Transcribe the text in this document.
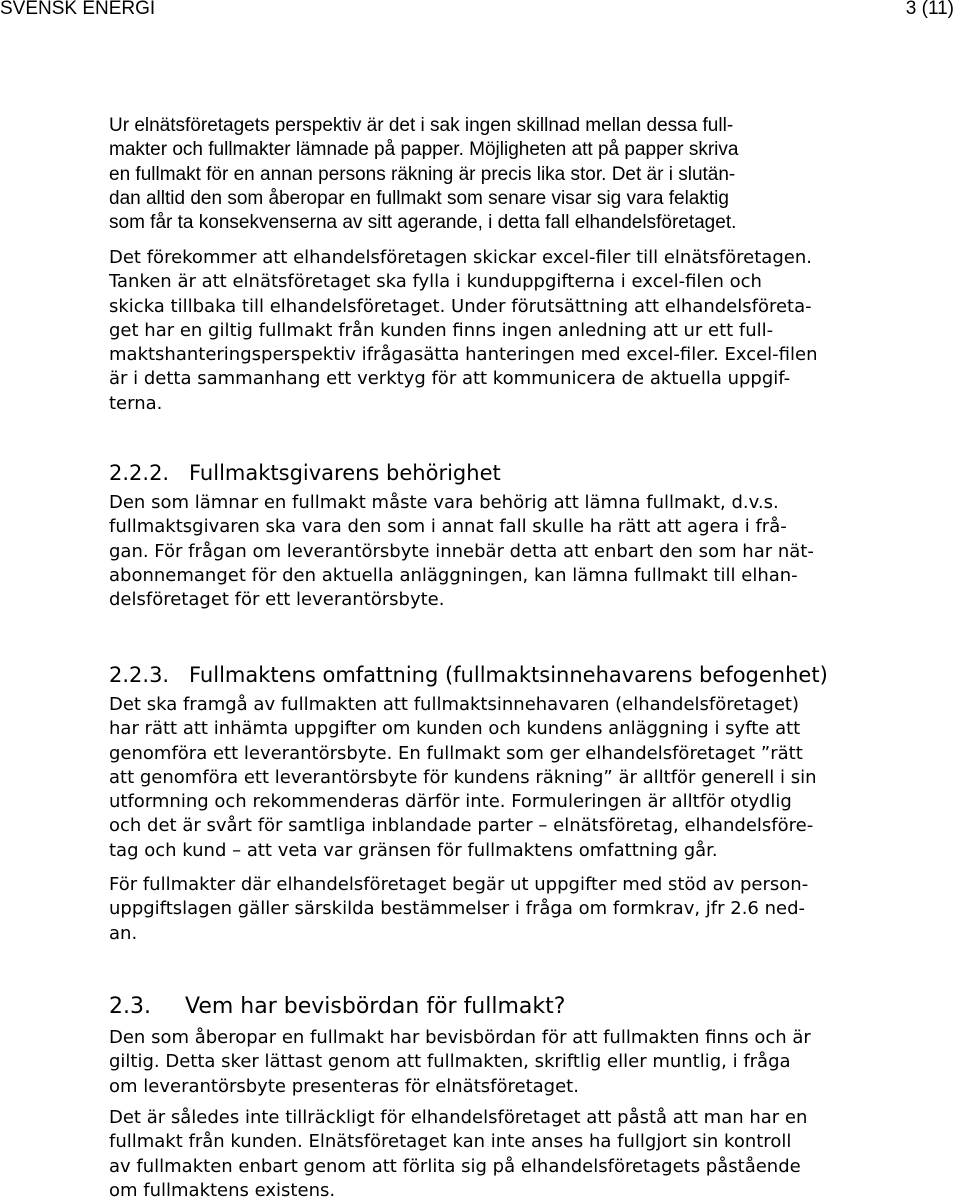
SVENSK ENERGI	3 (11)
Ur elnätsföretagets perspektiv är det i sak ingen skillnad mellan dessa full-
makter och fullmakter lämnade på papper. Möjligheten att på papper skriva
en fullmakt för en annan persons räkning är precis lika stor. Det är i slutän-
dan alltid den som åberopar en fullmakt som senare visar sig vara felaktig
som får ta konsekvenserna av sitt agerande, i detta fall elhandelsföretaget.
Det förekommer att elhandelsföretagen skickar excel-filer till elnätsföretagen.
Tanken är att elnätsföretaget ska fylla i kunduppgifterna i excel-filen och
skicka tillbaka till elhandelsföretaget. Under förutsättning att elhandelsföreta-
get har en giltig fullmakt från kunden finns ingen anledning att ur ett full-
maktshanteringsperspektiv ifrågasätta hanteringen med excel-filer. Excel-filen
är i detta sammanhang ett verktyg för att kommunicera de aktuella uppgif-
terna.
2.2.2. Fullmaktsgivarens behörighet
Den som lämnar en fullmakt måste vara behörig att lämna fullmakt, d.v.s.
fullmaktsgivaren ska vara den som i annat fall skulle ha rätt att agera i frå-
gan. För frågan om leverantörsbyte innebär detta att enbart den som har nät-
abonnemanget för den aktuella anläggningen, kan lämna fullmakt till elhan-
delsföretaget för ett leverantörsbyte.
2.2.3. Fullmaktens omfattning (fullmaktsinnehavarens befogenhet)
Det ska framgå av fullmakten att fullmaktsinnehavaren (elhandelsföretaget)
har rätt att inhämta uppgifter om kunden och kundens anläggning i syfte att
genomföra ett leverantörsbyte. En fullmakt som ger elhandelsföretaget ”rätt
att genomföra ett leverantörsbyte för kundens räkning” är alltför generell i sin
utformning och rekommenderas därför inte. Formuleringen är alltför otydlig
och det är svårt för samtliga inblandade parter – elnätsföretag, elhandelsföre-
tag och kund – att veta var gränsen för fullmaktens omfattning går.
För fullmakter där elhandelsföretaget begär ut uppgifter med stöd av person-
uppgiftslagen gäller särskilda bestämmelser i fråga om formkrav, jfr 2.6 ned-
an.
2.3. Vem har bevisbördan för fullmakt?
Den som åberopar en fullmakt har bevisbördan för att fullmakten finns och är
giltig. Detta sker lättast genom att fullmakten, skriftlig eller muntlig, i fråga
om leverantörsbyte presenteras för elnätsföretaget.
Det är således inte tillräckligt för elhandelsföretaget att påstå att man har en
fullmakt från kunden. Elnätsföretaget kan inte anses ha fullgjort sin kontroll
av fullmakten enbart genom att förlita sig på elhandelsföretagets påstående
om fullmaktens existens.
